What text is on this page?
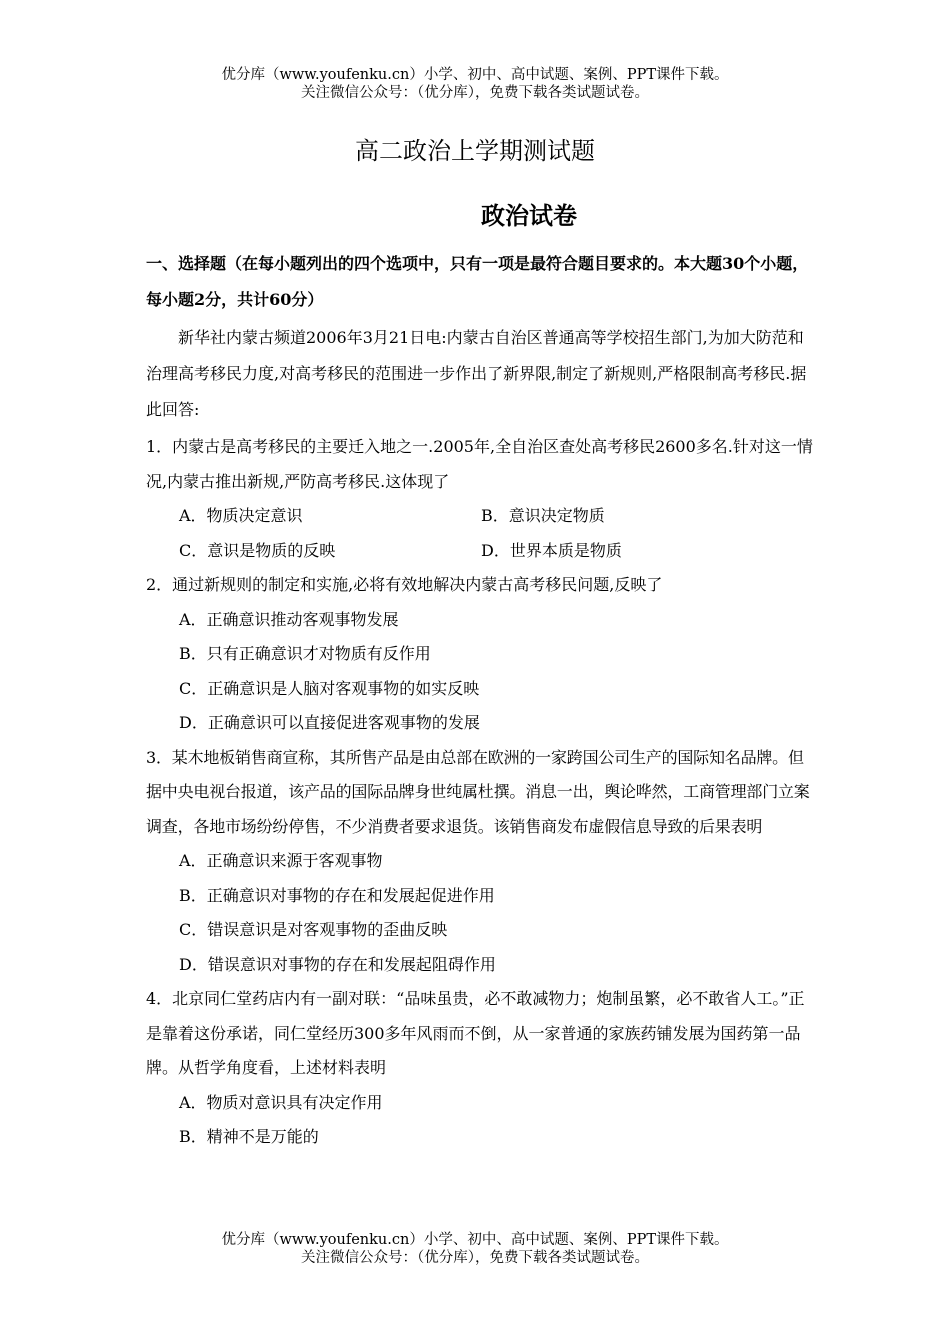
优分库（www.youfenku.cn）小学、初中、高中试题、案例、PPT课件下载。
关注微信公众号：（优分库），免费下载各类试题试卷。
高二政治上学期测试题
政治试卷

一、选择题（在每小题列出的四个选项中，只有一项是最符合题目要求的。本大题30个小题，每小题2分，共计60分）

新华社内蒙古频道2006年3月21日电:内蒙古自治区普通高等学校招生部门,为加大防范和治理高考移民力度,对高考移民的范围进一步作出了新界限,制定了新规则,严格限制高考移民.据此回答:

1．内蒙古是高考移民的主要迁入地之一.2005年,全自治区查处高考移民2600多名.针对这一情况,内蒙古推出新规,严防高考移民.这体现了

A．物质决定意识	B．意识决定物质
C．意识是物质的反映	D．世界本质是物质

2．通过新规则的制定和实施,必将有效地解决内蒙古高考移民问题,反映了

A．正确意识推动客观事物发展

B．只有正确意识才对物质有反作用

C．正确意识是人脑对客观事物的如实反映

D．正确意识可以直接促进客观事物的发展

3．某木地板销售商宣称，其所售产品是由总部在欧洲的一家跨国公司生产的国际知名品牌。但据中央电视台报道，该产品的国际品牌身世纯属杜撰。消息一出，舆论哗然，工商管理部门立案调查，各地市场纷纷停售，不少消费者要求退货。该销售商发布虚假信息导致的后果表明

A．正确意识来源于客观事物

B．正确意识对事物的存在和发展起促进作用

C．错误意识是对客观事物的歪曲反映

D．错误意识对事物的存在和发展起阻碍作用

4．北京同仁堂药店内有一副对联：“品味虽贵，必不敢减物力；炮制虽繁，必不敢省人工。”正是靠着这份承诺，同仁堂经历300多年风雨而不倒，从一家普通的家族药铺发展为国药第一品牌。从哲学角度看，上述材料表明

A．物质对意识具有决定作用

B．精神不是万能的

优分库（www.youfenku.cn）小学、初中、高中试题、案例、PPT课件下载。
关注微信公众号：（优分库），免费下载各类试题试卷。
